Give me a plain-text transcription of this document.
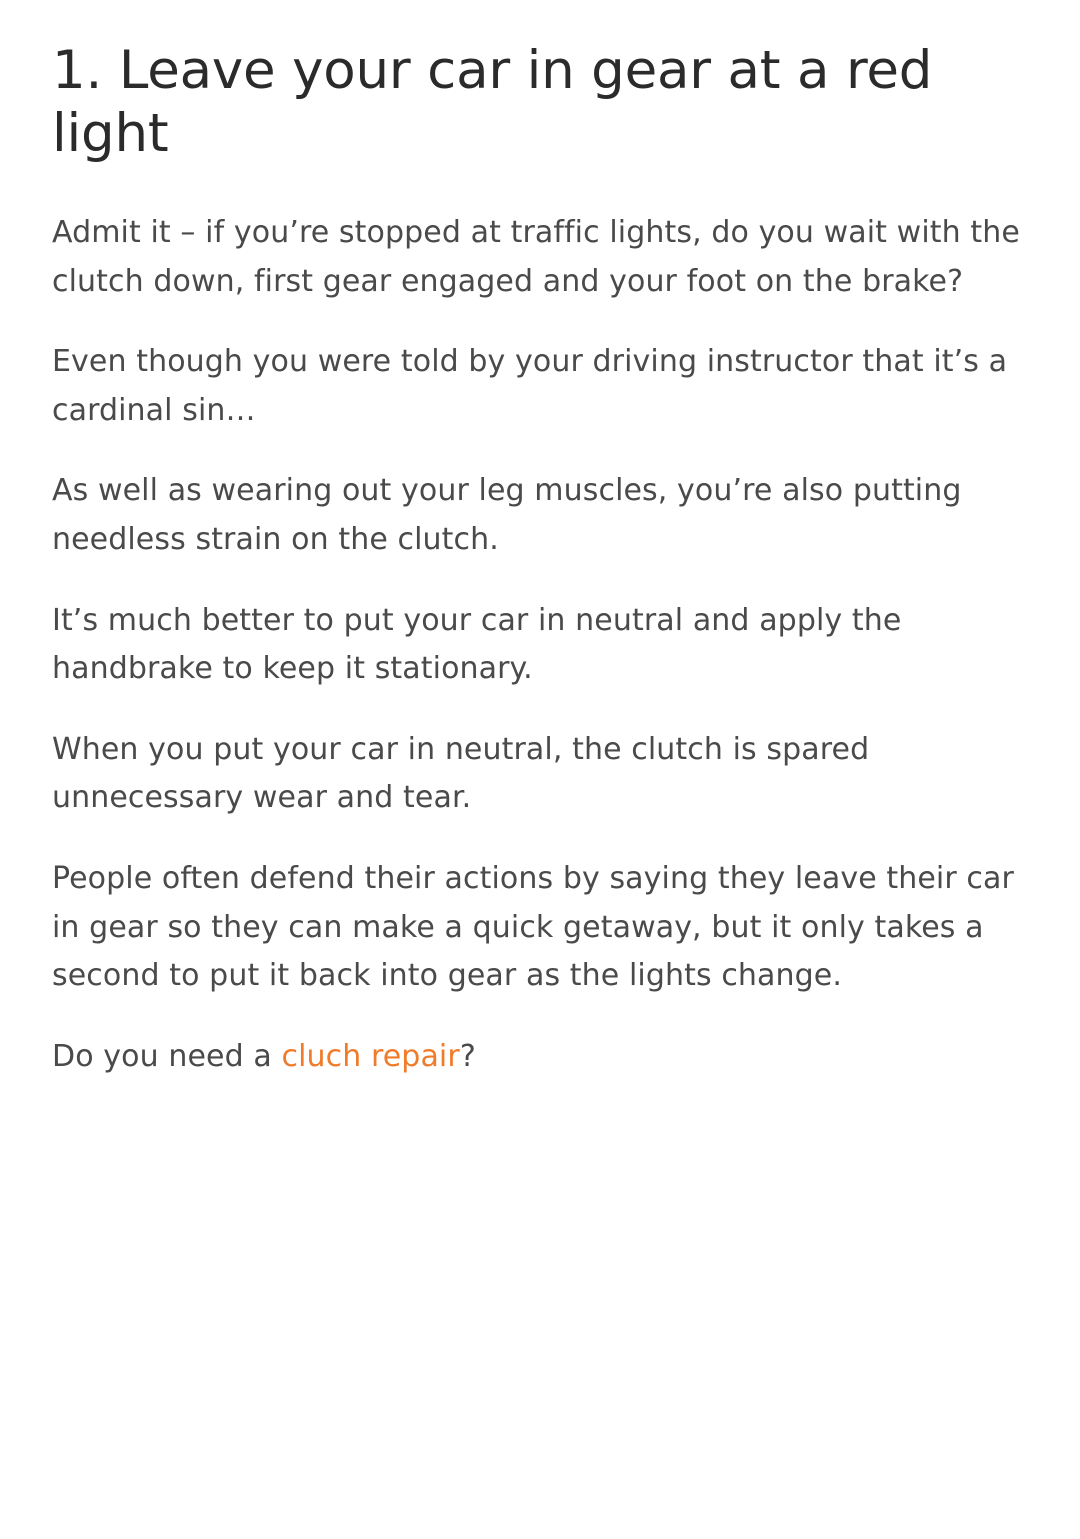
1. Leave your car in gear at a red light

Admit it – if you’re stopped at traffic lights, do you wait with the clutch down, first gear engaged and your foot on the brake?

Even though you were told by your driving instructor that it’s a cardinal sin…

As well as wearing out your leg muscles, you’re also putting needless strain on the clutch.

It’s much better to put your car in neutral and apply the handbrake to keep it stationary.

When you put your car in neutral, the clutch is spared unnecessary wear and tear.

People often defend their actions by saying they leave their car in gear so they can make a quick getaway, but it only takes a second to put it back into gear as the lights change.

Do you need a cluch repair?
